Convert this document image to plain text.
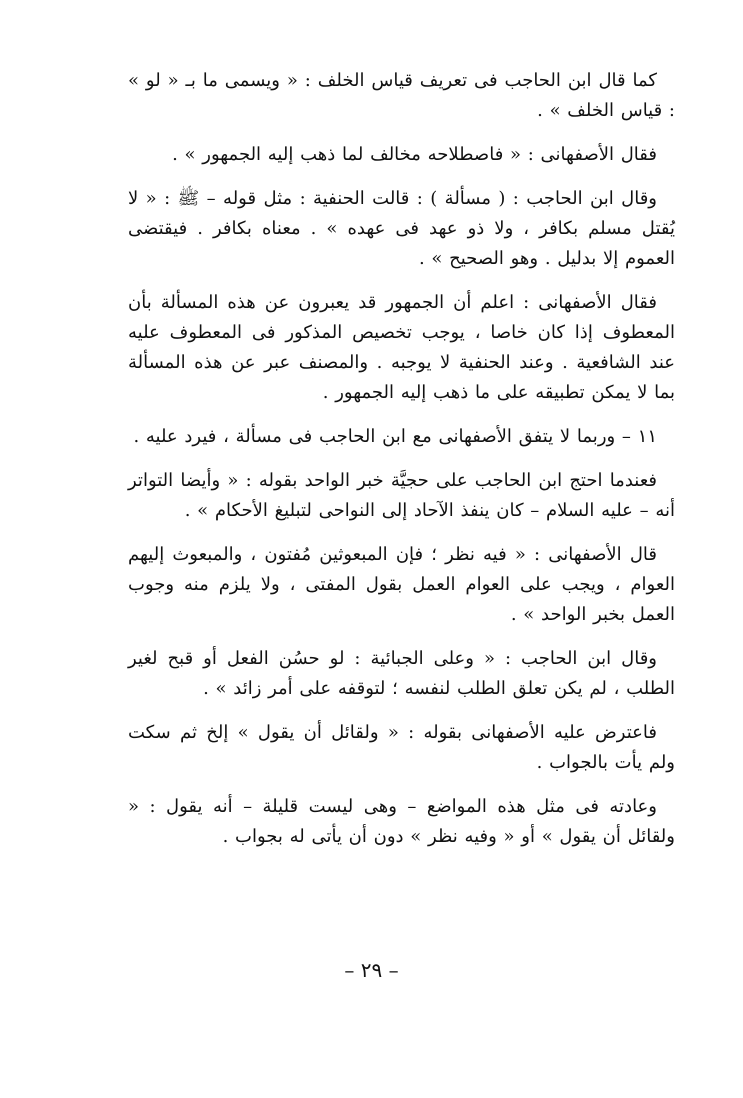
كما قال ابن الحاجب فى تعريف قياس الخلف : « ويسمى ما بـ « لو » : قياس الخلف » .

فقال الأصفهانى : « فاصطلاحه مخالف لما ذهب إليه الجمهور » .

وقال ابن الحاجب : ( مسألة ) : قالت الحنفية : مثل قوله – ﷺ : « لا يُقتل مسلم بكافر ، ولا ذو عهد فى عهده » . معناه بكافر . فيقتضى العموم إلا بدليل . وهو الصحيح » .

فقال الأصفهانى : اعلم أن الجمهور قد يعبرون عن هذه المسألة بأن المعطوف إذا كان خاصا ، يوجب تخصيص المذكور فى المعطوف عليه عند الشافعية . وعند الحنفية لا يوجبه . والمصنف عبر عن هذه المسألة بما لا يمكن تطبيقه على ما ذهب إليه الجمهور .

١١ – وربما لا يتفق الأصفهانى مع ابن الحاجب فى مسألة ، فيرد عليه .

فعندما احتج ابن الحاجب على حجيَّة خبر الواحد بقوله : « وأيضا التواتر أنه – عليه السلام – كان ينفذ الآحاد إلى النواحى لتبليغ الأحكام » .

قال الأصفهانى : « فيه نظر ؛ فإن المبعوثين مُفتون ، والمبعوث إليهم العوام ، ويجب على العوام العمل بقول المفتى ، ولا يلزم منه وجوب العمل بخبر الواحد » .

وقال ابن الحاجب : « وعلى الجبائية : لو حسُن الفعل أو قبح لغير الطلب ، لم يكن تعلق الطلب لنفسه ؛ لتوقفه على أمر زائد » .

فاعترض عليه الأصفهانى بقوله : « ولقائل أن يقول » إلخ ثم سكت ولم يأت بالجواب .

وعادته فى مثل هذه المواضع – وهى ليست قليلة – أنه يقول : « ولقائل أن يقول » أو « وفيه نظر » دون أن يأتى له بجواب .

– ٢٩ –
